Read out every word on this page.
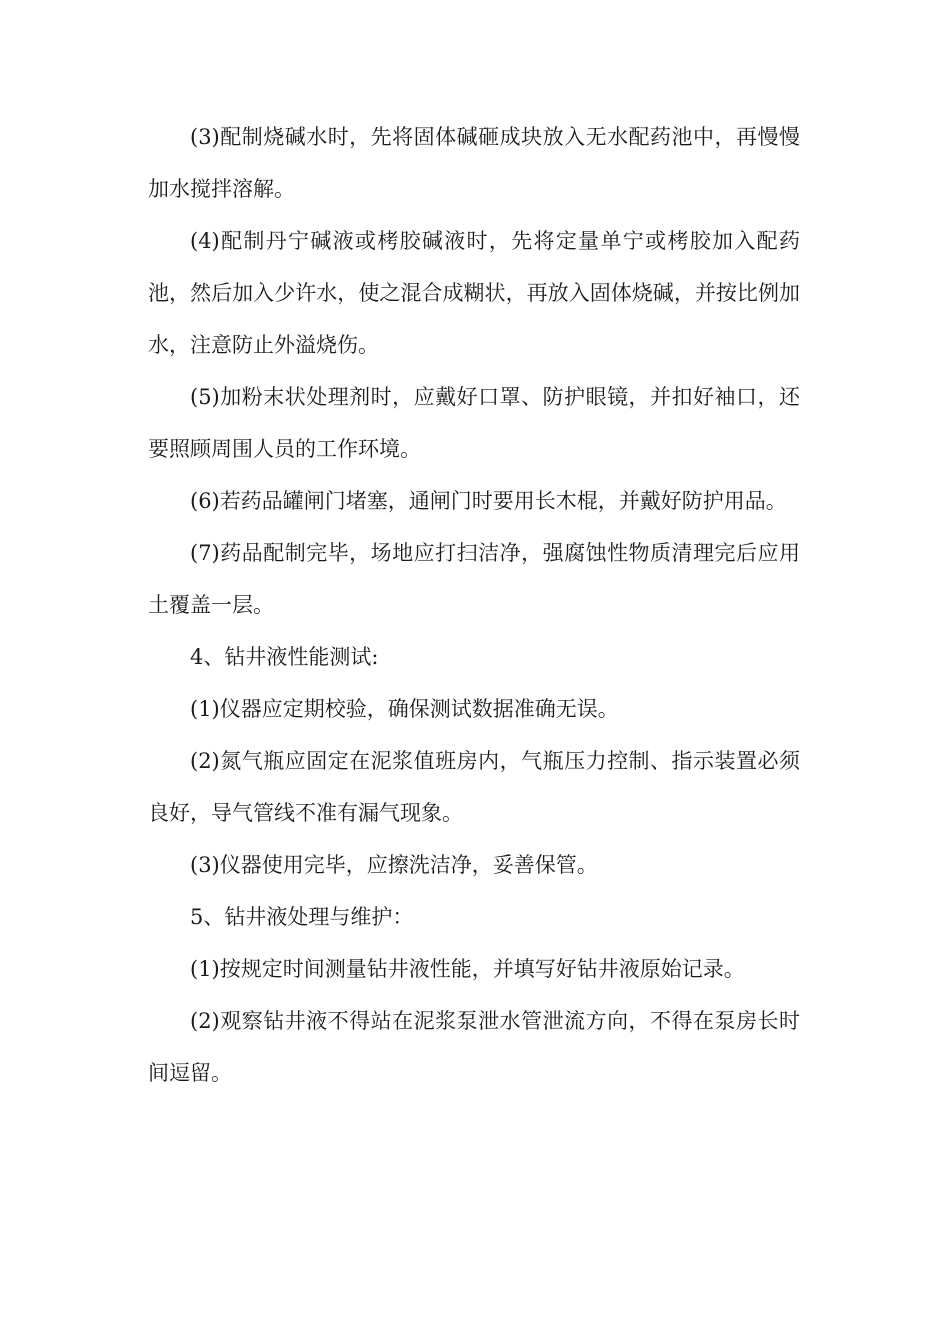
(3)配制烧碱水时，先将固体碱砸成块放入无水配药池中，再慢慢加水搅拌溶解。

(4)配制丹宁碱液或栲胶碱液时，先将定量单宁或栲胶加入配药池，然后加入少许水，使之混合成糊状，再放入固体烧碱，并按比例加水，注意防止外溢烧伤。

(5)加粉末状处理剂时，应戴好口罩、防护眼镜，并扣好袖口，还要照顾周围人员的工作环境。

(6)若药品罐闸门堵塞，通闸门时要用长木棍，并戴好防护用品。

(7)药品配制完毕，场地应打扫洁净，强腐蚀性物质清理完后应用土覆盖一层。

4、钻井液性能测试:

(1)仪器应定期校验，确保测试数据准确无误。

(2)氮气瓶应固定在泥浆值班房内，气瓶压力控制、指示装置必须良好，导气管线不准有漏气现象。

(3)仪器使用完毕，应擦洗洁净，妥善保管。

5、钻井液处理与维护：

(1)按规定时间测量钻井液性能，并填写好钻井液原始记录。

(2)观察钻井液不得站在泥浆泵泄水管泄流方向，不得在泵房长时间逗留。
